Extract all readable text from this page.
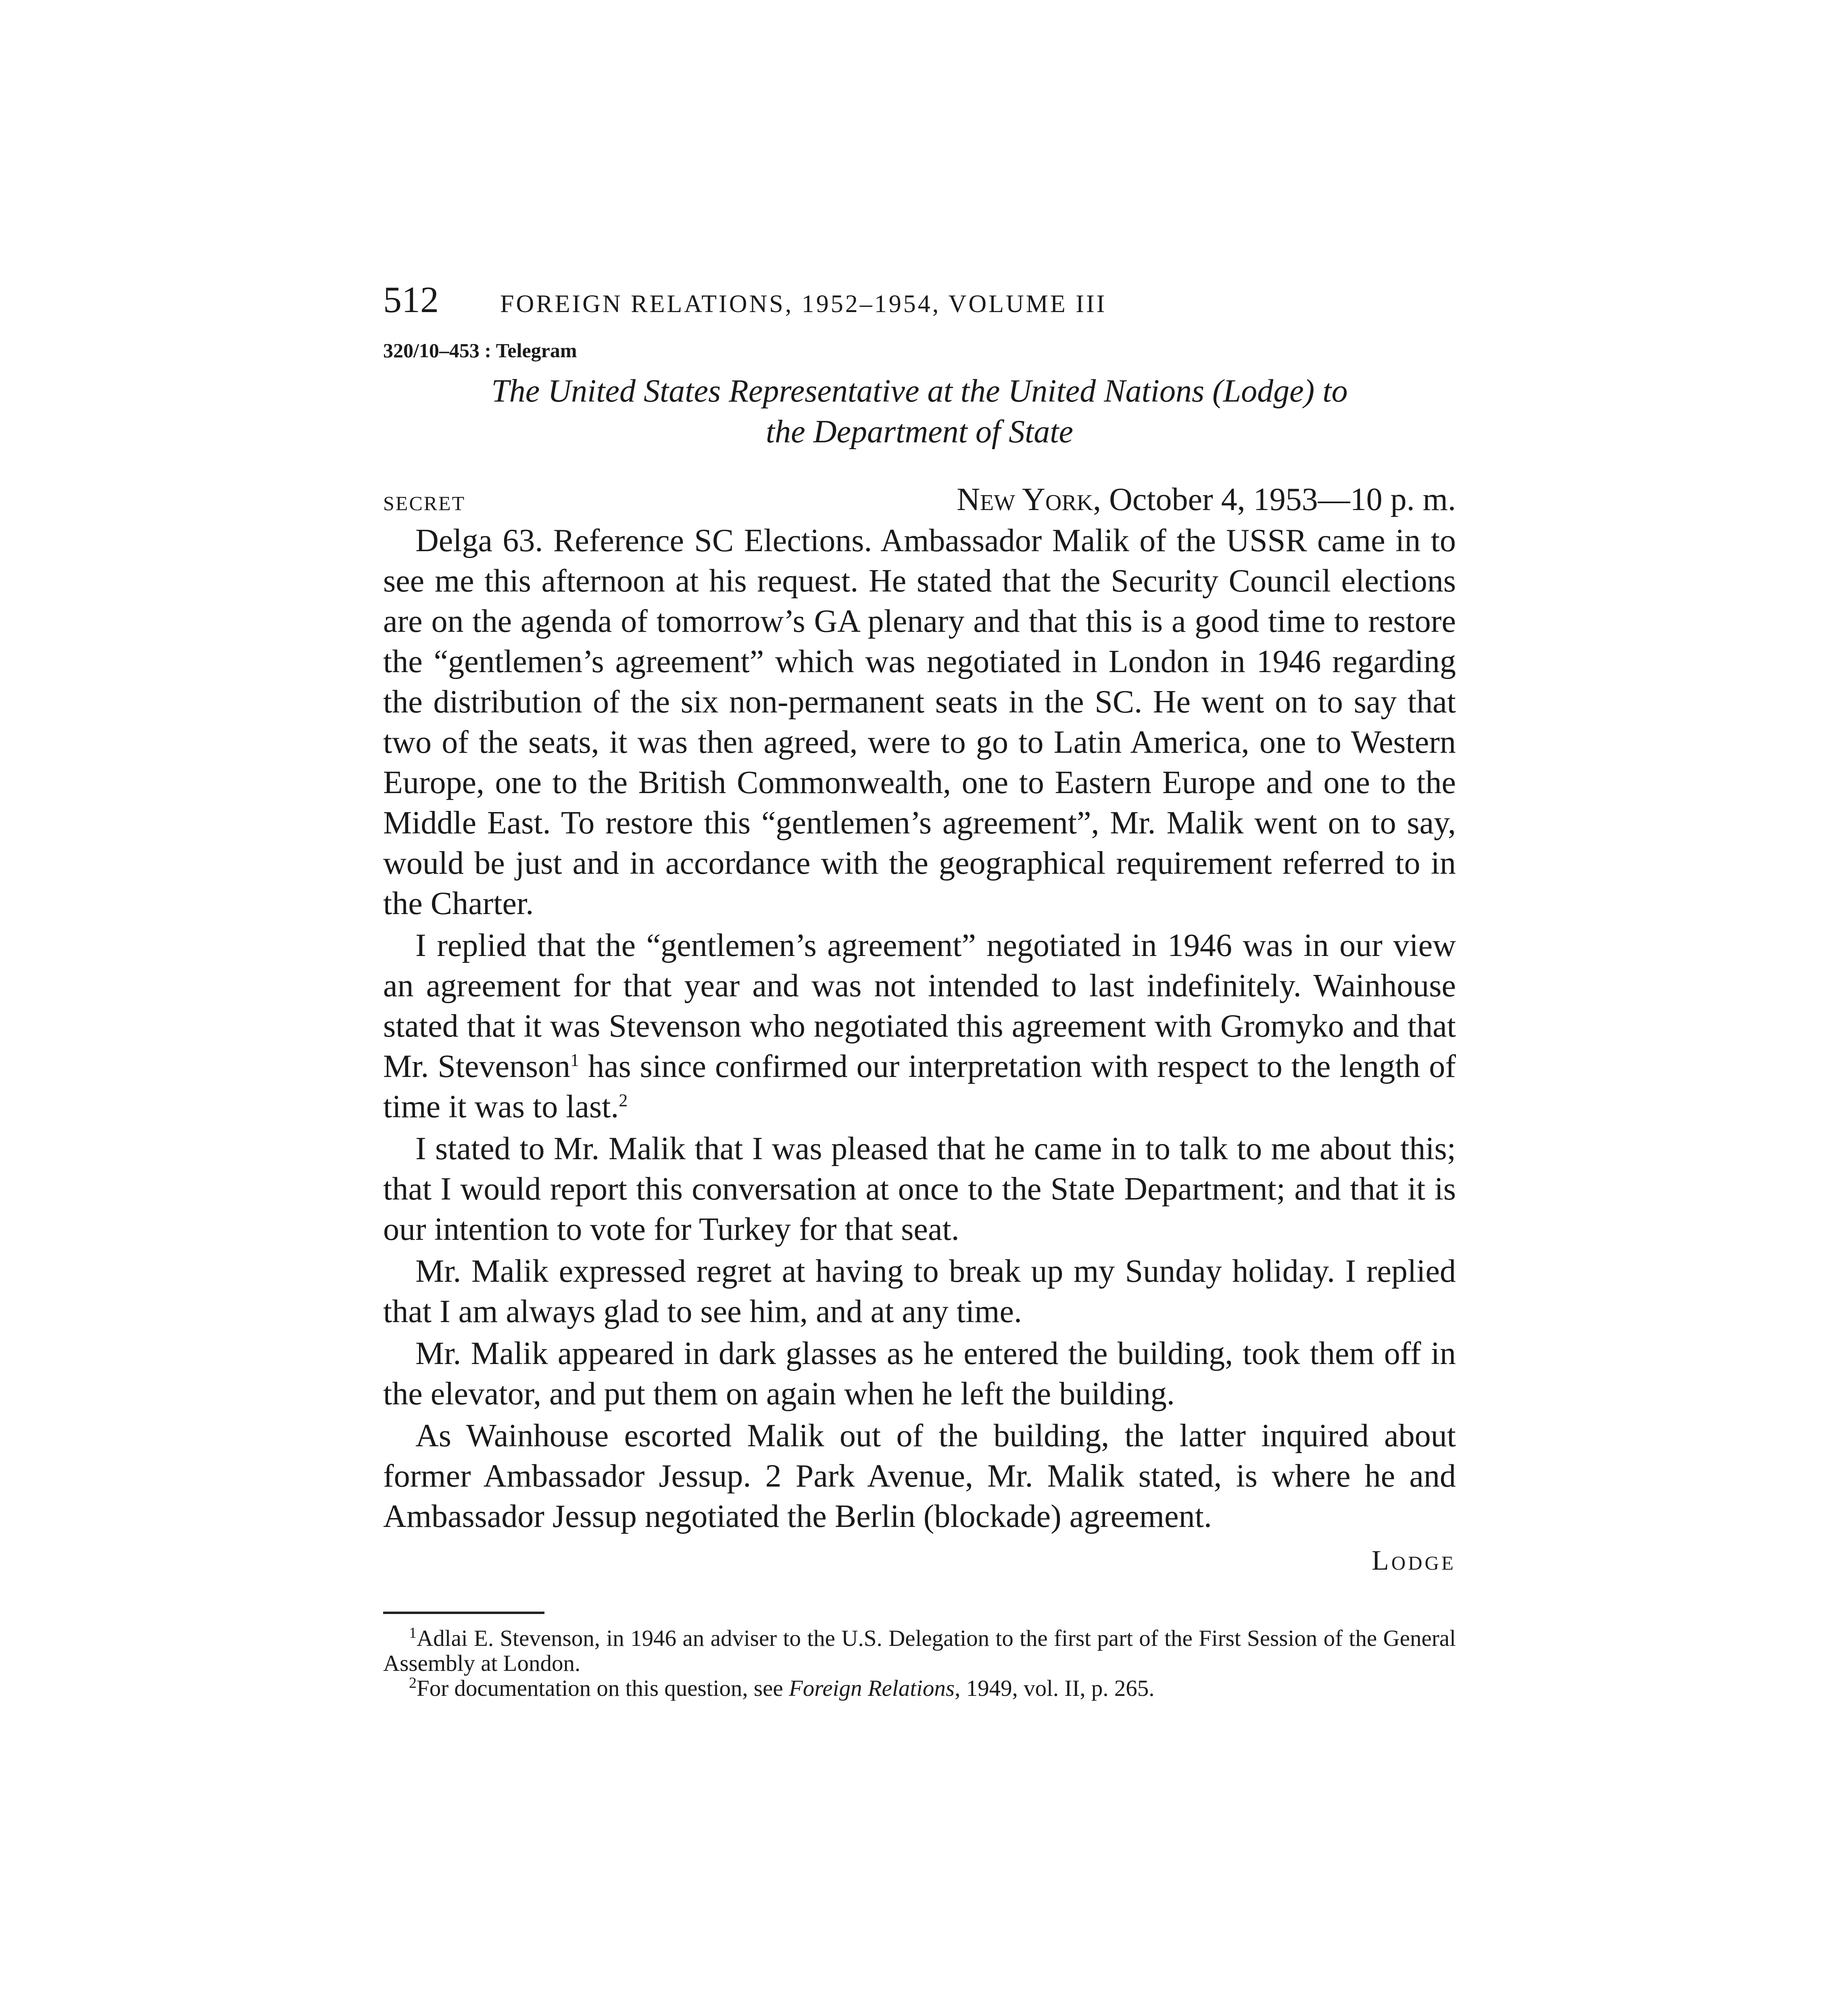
512	FOREIGN RELATIONS, 1952–1954, VOLUME III
320/10–453 : Telegram
The United States Representative at the United Nations (Lodge) to
the Department of State
SECRET	New York, October 4, 1953—10 p. m.

Delga 63. Reference SC Elections. Ambassador Malik of the USSR came in to see me this afternoon at his request. He stated that the Security Council elections are on the agenda of tomorrow’s GA plenary and that this is a good time to restore the “gentlemen’s agreement” which was negotiated in London in 1946 regarding the distribution of the six non-permanent seats in the SC. He went on to say that two of the seats, it was then agreed, were to go to Latin America, one to Western Europe, one to the British Commonwealth, one to Eastern Europe and one to the Middle East. To restore this “gentlemen’s agreement”, Mr. Malik went on to say, would be just and in accordance with the geographical requirement referred to in the Charter.

I replied that the “gentlemen’s agreement” negotiated in 1946 was in our view an agreement for that year and was not intended to last indefinitely. Wainhouse stated that it was Stevenson who negotiated this agreement with Gromyko and that Mr. Stevenson$^1$ has since confirmed our interpretation with respect to the length of time it was to last.$^2$

I stated to Mr. Malik that I was pleased that he came in to talk to me about this; that I would report this conversation at once to the State Department; and that it is our intention to vote for Turkey for that seat.

Mr. Malik expressed regret at having to break up my Sunday holiday. I replied that I am always glad to see him, and at any time.

Mr. Malik appeared in dark glasses as he entered the building, took them off in the elevator, and put them on again when he left the building.

As Wainhouse escorted Malik out of the building, the latter inquired about former Ambassador Jessup. 2 Park Avenue, Mr. Malik stated, is where he and Ambassador Jessup negotiated the Berlin (blockade) agreement.

Lodge

$^1$Adlai E. Stevenson, in 1946 an adviser to the U.S. Delegation to the first part of the First Session of the General Assembly at London.

$^2$For documentation on this question, see Foreign Relations, 1949, vol. II, p. 265.
